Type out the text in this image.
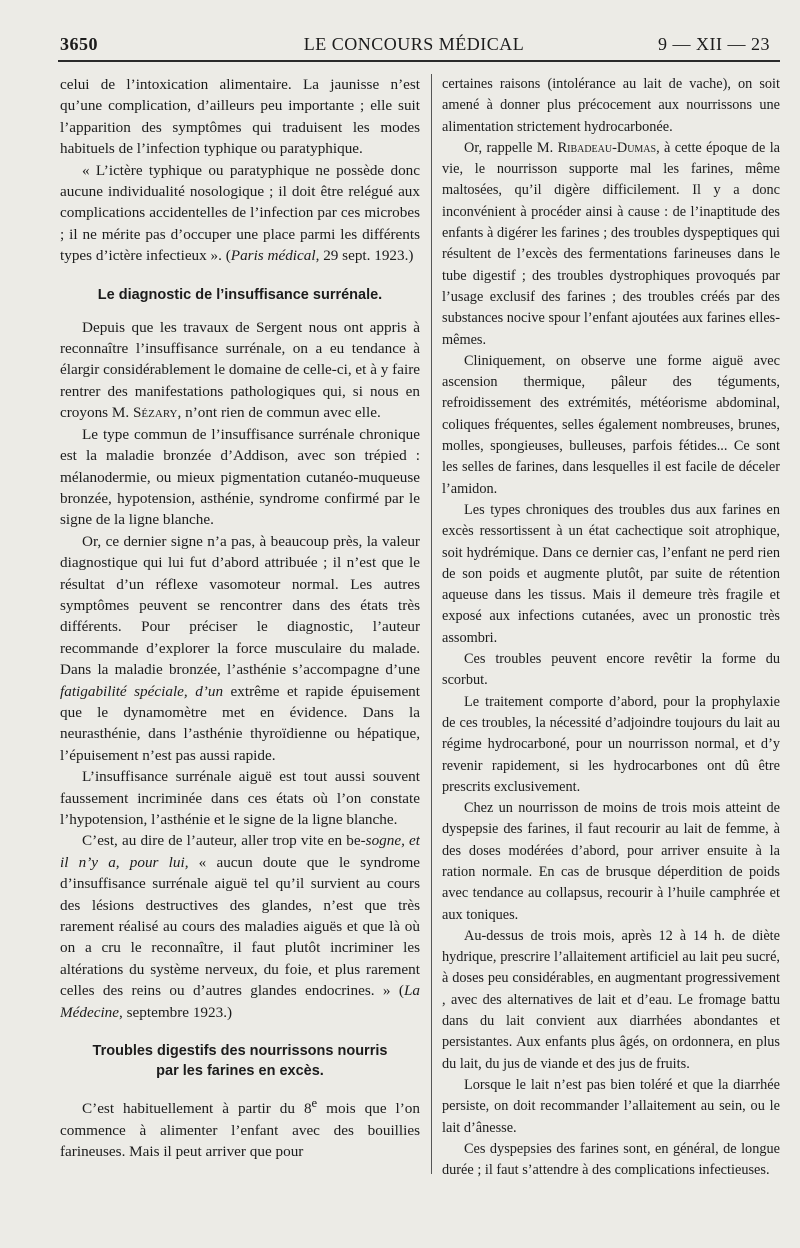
3650	LE CONCOURS MÉDICAL	9 — XII — 23

celui de l’intoxication alimentaire. La jaunisse n’est qu’une complication, d’ailleurs peu importante ; elle suit l’apparition des symptômes qui traduisent les modes habituels de l’infection typhique ou paratyphique.

« L’ictère typhique ou paratyphique ne possède donc aucune individualité nosologique ; il doit être relégué aux complications accidentelles de l’infection par ces microbes ; il ne mérite pas d’occuper une place parmi les différents types d’ictère infectieux ». (Paris médical, 29 sept. 1923.)

Le diagnostic de l’insuffisance surrénale.

Depuis que les travaux de Sergent nous ont appris à reconnaître l’insuffisance surrénale, on a eu tendance à élargir considérablement le domaine de celle-ci, et à y faire rentrer des manifestations pathologiques qui, si nous en croyons M. Sézary, n’ont rien de commun avec elle.

Le type commun de l’insuffisance surrénale chronique est la maladie bronzée d’Addison, avec son trépied : mélanodermie, ou mieux pigmentation cutanéo-muqueuse bronzée, hypotension, asthénie, syndrome confirmé par le signe de la ligne blanche.

Or, ce dernier signe n’a pas, à beaucoup près, la valeur diagnostique qui lui fut d’abord attribuée ; il n’est que le résultat d’un réflexe vasomoteur normal. Les autres symptômes peuvent se rencontrer dans des états très différents. Pour préciser le diagnostic, l’auteur recommande d’explorer la force musculaire du malade. Dans la maladie bronzée, l’asthénie s’accompagne d’une fatigabilité spéciale, d’un extrême et rapide épuisement que le dynamomètre met en évidence. Dans la neurasthénie, dans l’asthénie thyroïdienne ou hépatique, l’épuisement n’est pas aussi rapide.

L’insuffisance surrénale aiguë est tout aussi souvent faussement incriminée dans ces états où l’on constate l’hypotension, l’asthénie et le signe de la ligne blanche.

C’est, au dire de l’auteur, aller trop vite en be-sogne, et il n’y a, pour lui, « aucun doute que le syndrome d’insuffisance surrénale aiguë tel qu’il survient au cours des lésions destructives des glandes, n’est que très rarement réalisé au cours des maladies aiguës et que là où on a cru le reconnaître, il faut plutôt incriminer les altérations du système nerveux, du foie, et plus rarement celles des reins ou d’autres glandes endocrines. » (La Médecine, septembre 1923.)

Troubles digestifs des nourrissons nourris
par les farines en excès.

C’est habituellement à partir du 8e mois que l’on commence à alimenter l’enfant avec des bouillies farineuses. Mais il peut arriver que pour

certaines raisons (intolérance au lait de vache), on soit amené à donner plus précocement aux nourrissons une alimentation strictement hydrocarbonée.

Or, rappelle M. Ribadeau-Dumas, à cette époque de la vie, le nourrisson supporte mal les farines, même maltosées, qu’il digère difficilement. Il y a donc inconvénient à procéder ainsi à cause : de l’inaptitude des enfants à digérer les farines ; des troubles dyspeptiques qui résultent de l’excès des fermentations farineuses dans le tube digestif ; des troubles dystrophiques provoqués par l’usage exclusif des farines ; des troubles créés par des substances nocive spour l’enfant ajoutées aux farines elles-mêmes.

Cliniquement, on observe une forme aiguë avec ascension thermique, pâleur des téguments, refroidissement des extrémités, météorisme abdominal, coliques fréquentes, selles également nombreuses, brunes, molles, spongieuses, bulleuses, parfois fétides... Ce sont les selles de farines, dans lesquelles il est facile de déceler l’amidon.

Les types chroniques des troubles dus aux farines en excès ressortissent à un état cachectique soit atrophique, soit hydrémique. Dans ce dernier cas, l’enfant ne perd rien de son poids et augmente plutôt, par suite de rétention aqueuse dans les tissus. Mais il demeure très fragile et exposé aux infections cutanées, avec un pronostic très assombri.

Ces troubles peuvent encore revêtir la forme du scorbut.

Le traitement comporte d’abord, pour la prophylaxie de ces troubles, la nécessité d’adjoindre toujours du lait au régime hydrocarboné, pour un nourrisson normal, et d’y revenir rapidement, si les hydrocarbones ont dû être prescrits exclusivement.

Chez un nourrisson de moins de trois mois atteint de dyspepsie des farines, il faut recourir au lait de femme, à des doses modérées d’abord, pour arriver ensuite à la ration normale. En cas de brusque déperdition de poids avec tendance au collapsus, recourir à l’huile camphrée et aux toniques.

Au-dessus de trois mois, après 12 à 14 h. de diète hydrique, prescrire l’allaitement artificiel au lait peu sucré, à doses peu considérables, en augmentant progressivement , avec des alternatives de lait et d’eau. Le fromage battu dans du lait convient aux diarrhées abondantes et persistantes. Aux enfants plus âgés, on ordonnera, en plus du lait, du jus de viande et des jus de fruits.

Lorsque le lait n’est pas bien toléré et que la diarrhée persiste, on doit recommander l’allaitement au sein, ou le lait d’ânesse.

Ces dyspepsies des farines sont, en général, de longue durée ; il faut s’attendre à des complications infectieuses.
